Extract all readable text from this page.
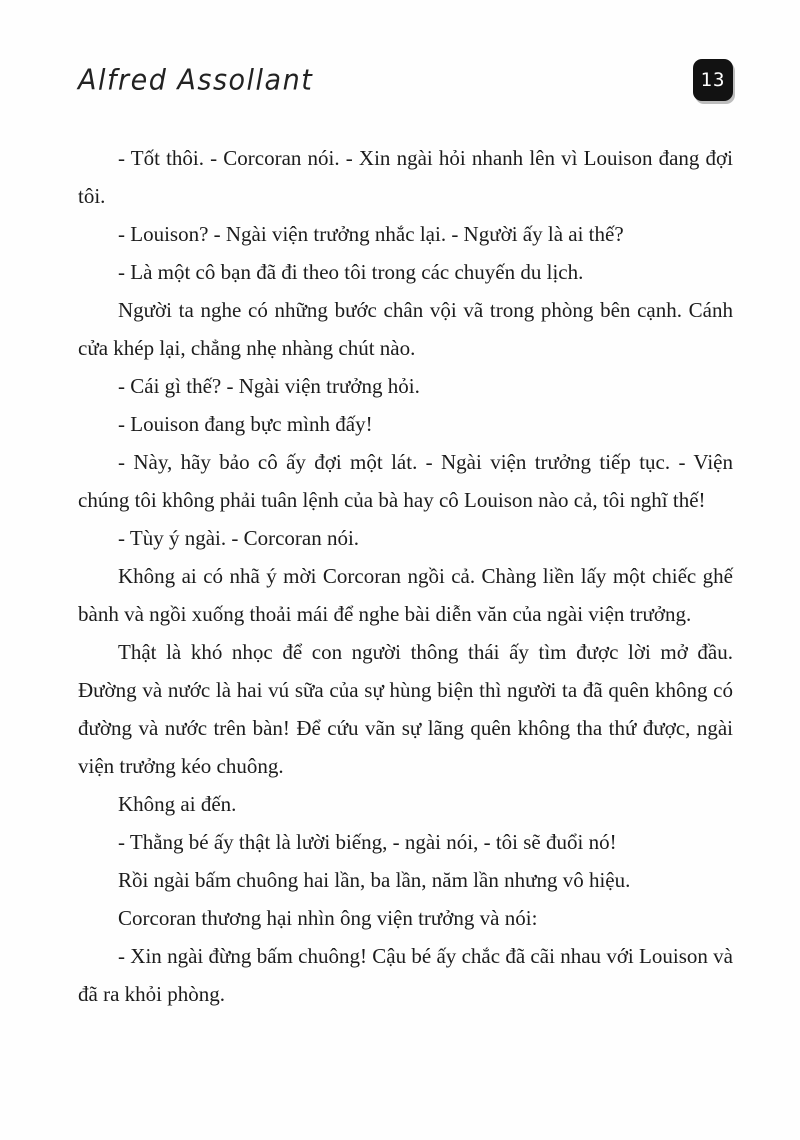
Alfred Assollant	13

- Tốt thôi. - Corcoran nói. - Xin ngài hỏi nhanh lên vì Louison đang đợi tôi.

- Louison? - Ngài viện trưởng nhắc lại. - Người ấy là ai thế?

- Là một cô bạn đã đi theo tôi trong các chuyến du lịch.

Người ta nghe có những bước chân vội vã trong phòng bên cạnh. Cánh cửa khép lại, chẳng nhẹ nhàng chút nào.

- Cái gì thế? - Ngài viện trưởng hỏi.

- Louison đang bực mình đấy!

- Này, hãy bảo cô ấy đợi một lát. - Ngài viện trưởng tiếp tục. - Viện chúng tôi không phải tuân lệnh của bà hay cô Louison nào cả, tôi nghĩ thế!

- Tùy ý ngài. - Corcoran nói.

Không ai có nhã ý mời Corcoran ngồi cả. Chàng liền lấy một chiếc ghế bành và ngồi xuống thoải mái để nghe bài diễn văn của ngài viện trưởng.

Thật là khó nhọc để con người thông thái ấy tìm được lời mở đầu. Đường và nước là hai vú sữa của sự hùng biện thì người ta đã quên không có đường và nước trên bàn! Để cứu vãn sự lãng quên không tha thứ được, ngài viện trưởng kéo chuông.

Không ai đến.

- Thằng bé ấy thật là lười biếng, - ngài nói, - tôi sẽ đuổi nó!

Rồi ngài bấm chuông hai lần, ba lần, năm lần nhưng vô hiệu.

Corcoran thương hại nhìn ông viện trưởng và nói:

- Xin ngài đừng bấm chuông! Cậu bé ấy chắc đã cãi nhau với Louison và đã ra khỏi phòng.
